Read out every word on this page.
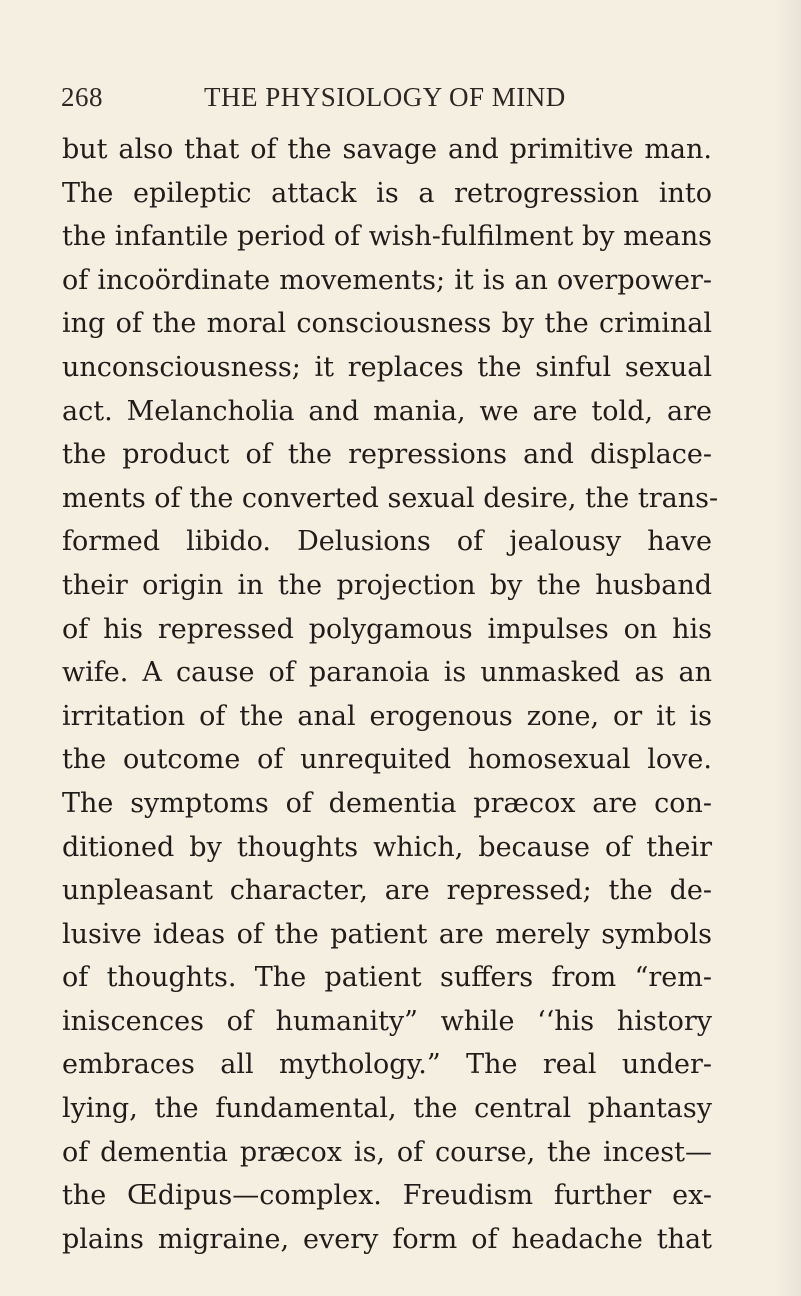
268	THE PHYSIOLOGY OF MIND
but also that of the savage and primitive man.
The epileptic attack is a retrogression into
the infantile period of wish-fulfilment by means
of incoördinate movements; it is an overpower-
ing of the moral consciousness by the criminal
unconsciousness; it replaces the sinful sexual
act. Melancholia and mania, we are told, are
the product of the repressions and displace-
ments of the converted sexual desire, the trans-
formed libido. Delusions of jealousy have
their origin in the projection by the husband
of his repressed polygamous impulses on his
wife. A cause of paranoia is unmasked as an
irritation of the anal erogenous zone, or it is
the outcome of unrequited homosexual love.
The symptoms of dementia præcox are con-
ditioned by thoughts which, because of their
unpleasant character, are repressed; the de-
lusive ideas of the patient are merely symbols
of thoughts. The patient suffers from “rem-
iniscences of humanity” while ‘‘his history
embraces all mythology.” The real under-
lying, the fundamental, the central phantasy
of dementia præcox is, of course, the incest—
the Œdipus—complex. Freudism further ex-
plains migraine, every form of headache that
